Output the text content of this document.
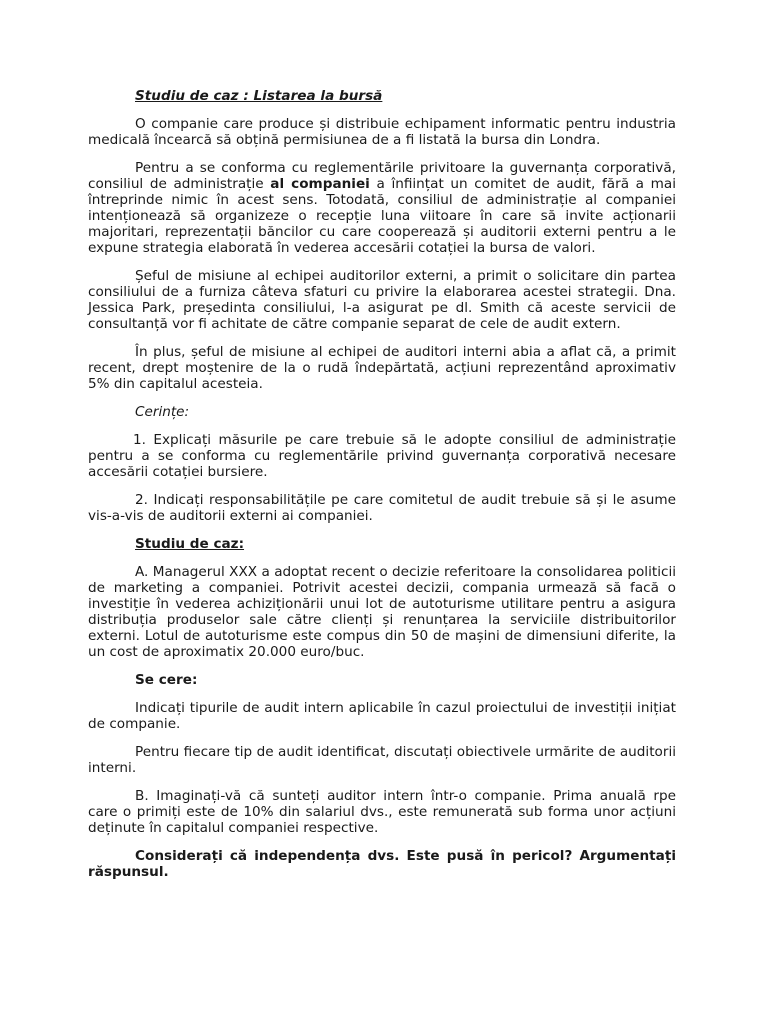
Studiu de caz : Listarea la bursă

O companie care produce și distribuie echipament informatic pentru industria medicală încearcă să obțină permisiunea de a fi listată la bursa din Londra.

Pentru a se conforma cu reglementările privitoare la guvernanța corporativă, consiliul de administrație al companiei a înființat un comitet de audit, fără a mai întreprinde nimic în acest sens. Totodată, consiliul de administrație al companiei intenționează să organizeze o recepție luna viitoare în care să invite acționarii majoritari, reprezentații băncilor cu care cooperează și auditorii externi pentru a le expune strategia elaborată în vederea accesării cotației la bursa de valori.

Șeful de misiune al echipei auditorilor externi, a primit o solicitare din partea consiliului de a furniza câteva sfaturi cu privire la elaborarea acestei strategii. Dna. Jessica Park, președinta consiliului, l-a asigurat pe dl. Smith că aceste servicii de consultanță vor fi achitate de către companie separat de cele de audit extern.

În plus, șeful de misiune al echipei de auditori interni abia a aflat că, a primit recent, drept moștenire de la o rudă îndepărtată, acțiuni reprezentând aproximativ 5% din capitalul acesteia.

Cerințe:

1. Explicați măsurile pe care trebuie să le adopte consiliul de administrație pentru a se conforma cu reglementările privind guvernanța corporativă necesare accesării cotației bursiere.

2. Indicați responsabilitățile pe care comitetul de audit trebuie să și le asume vis-a-vis de auditorii externi ai companiei.

Studiu de caz:

A. Managerul XXX a adoptat recent o decizie referitoare la consolidarea politicii de marketing a companiei. Potrivit acestei decizii, compania urmează să facă o investiție în vederea achiziționării unui lot de autoturisme utilitare pentru a asigura distribuția produselor sale către clienți și renunțarea la serviciile distribuitorilor externi. Lotul de autoturisme este compus din 50 de mașini de dimensiuni diferite, la un cost de aproximatix 20.000 euro/buc.

Se cere:

Indicați tipurile de audit intern aplicabile în cazul proiectului de investiții inițiat de companie.

Pentru fiecare tip de audit identificat, discutați obiectivele urmărite de auditorii interni.

B. Imaginați-vă că sunteți auditor intern într-o companie. Prima anuală rpe care o primiți este de 10% din salariul dvs., este remunerată sub forma unor acțiuni deținute în capitalul companiei respective.

Considerați că independența dvs. Este pusă în pericol? Argumentați răspunsul.
